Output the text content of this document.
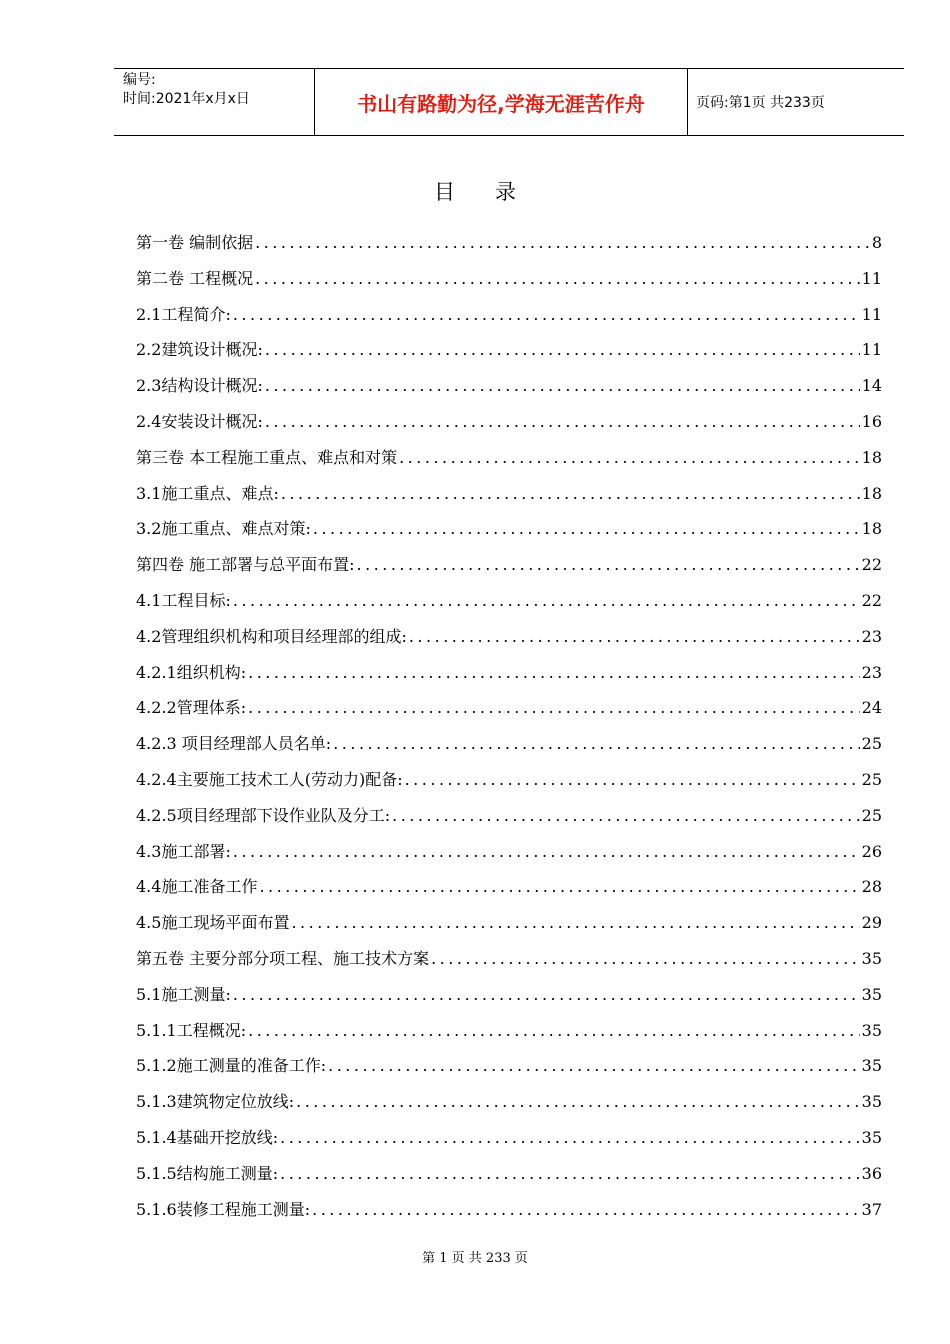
编号:
时间:2021年x月x日	书山有路勤为径,学海无涯苦作舟	页码:第1页 共233页
目录
第一卷 编制依据 .....	8
第二卷 工程概况 .....	11
2.1工程简介: .....	11
2.2建筑设计概况: .....	11
2.3结构设计概况: .....	14
2.4安装设计概况: .....	16
第三卷 本工程施工重点、难点和对策 .....	18
3.1施工重点、难点: .....	18
3.2施工重点、难点对策: .....	18
第四卷 施工部署与总平面布置: .....	22
4.1工程目标: .....	22
4.2管理组织机构和项目经理部的组成: .....	23
4.2.1组织机构: .....	23
4.2.2管理体系: .....	24
4.2.3 项目经理部人员名单: .....	25
4.2.4主要施工技术工人(劳动力)配备: .....	25
4.2.5项目经理部下设作业队及分工: .....	25
4.3施工部署: .....	26
4.4施工准备工作 .....	28
4.5施工现场平面布置 .....	29
第五卷 主要分部分项工程、施工技术方案 .....	35
5.1施工测量: .....	35
5.1.1工程概况: .....	35
5.1.2施工测量的准备工作: .....	35
5.1.3建筑物定位放线: .....	35
5.1.4基础开挖放线: .....	35
5.1.5结构施工测量: .....	36
5.1.6装修工程施工测量: .....	37
第 1 页 共 233 页
